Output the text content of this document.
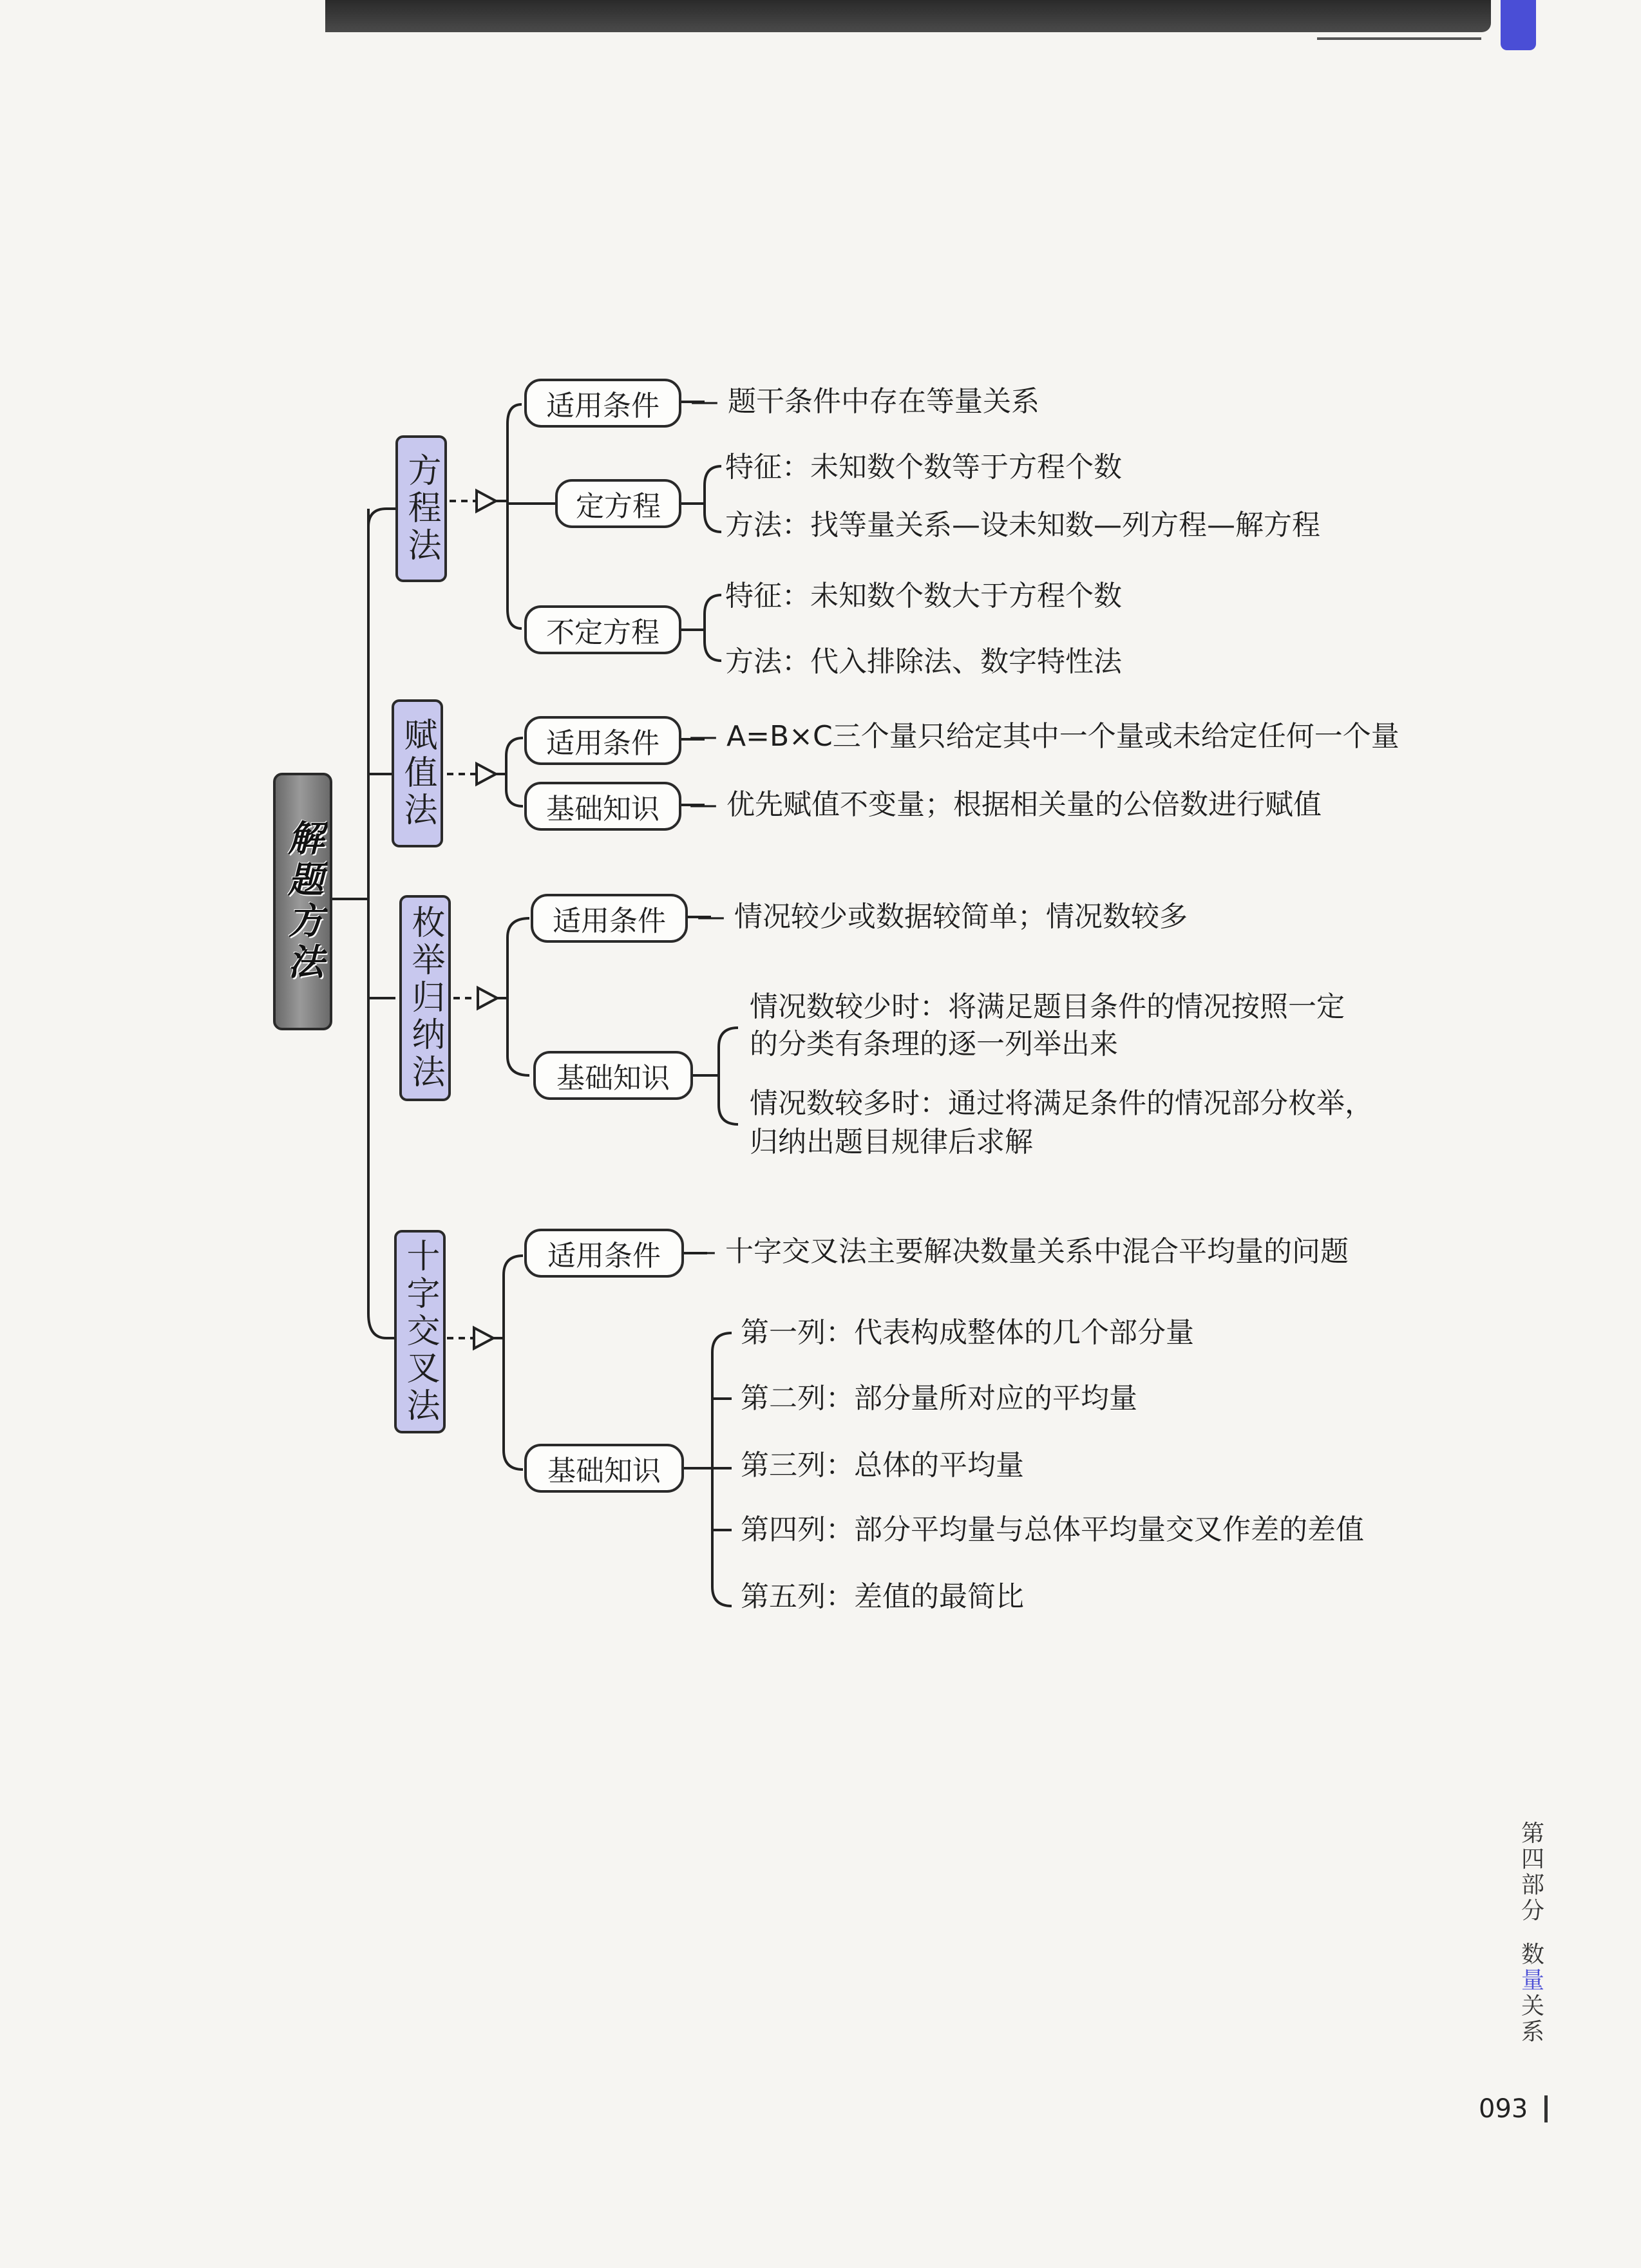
解题方法
方程法
适用条件
定方程
不定方程
— 题干条件中存在等量关系
特征：未知数个数等于方程个数
方法：找等量关系—设未知数—列方程—解方程
特征：未知数个数大于方程个数
方法：代入排除法、数字特性法
赋值法	适用条件
基础知识
— A=B×C三个量只给定其中一个量或未给定任何一个量
— 优先赋值不变量；根据相关量的公倍数进行赋值
枚举归纳法	适用条件
基础知识
— 情况较少或数据较简单；情况数较多
情况数较少时：将满足题目条件的情况按照一定
的分类有条理的逐一列举出来
情况数较多时：通过将满足条件的情况部分枚举，
归纳出题目规律后求解
十字交叉法	适用条件
基础知识
— 十字交叉法主要解决数量关系中混合平均量的问题
第一列：代表构成整体的几个部分量
第二列：部分量所对应的平均量
第三列：总体的平均量
第四列：部分平均量与总体平均量交叉作差的差值
第五列：差值的最简比
第
四
部
分
数
量
关
系
093
